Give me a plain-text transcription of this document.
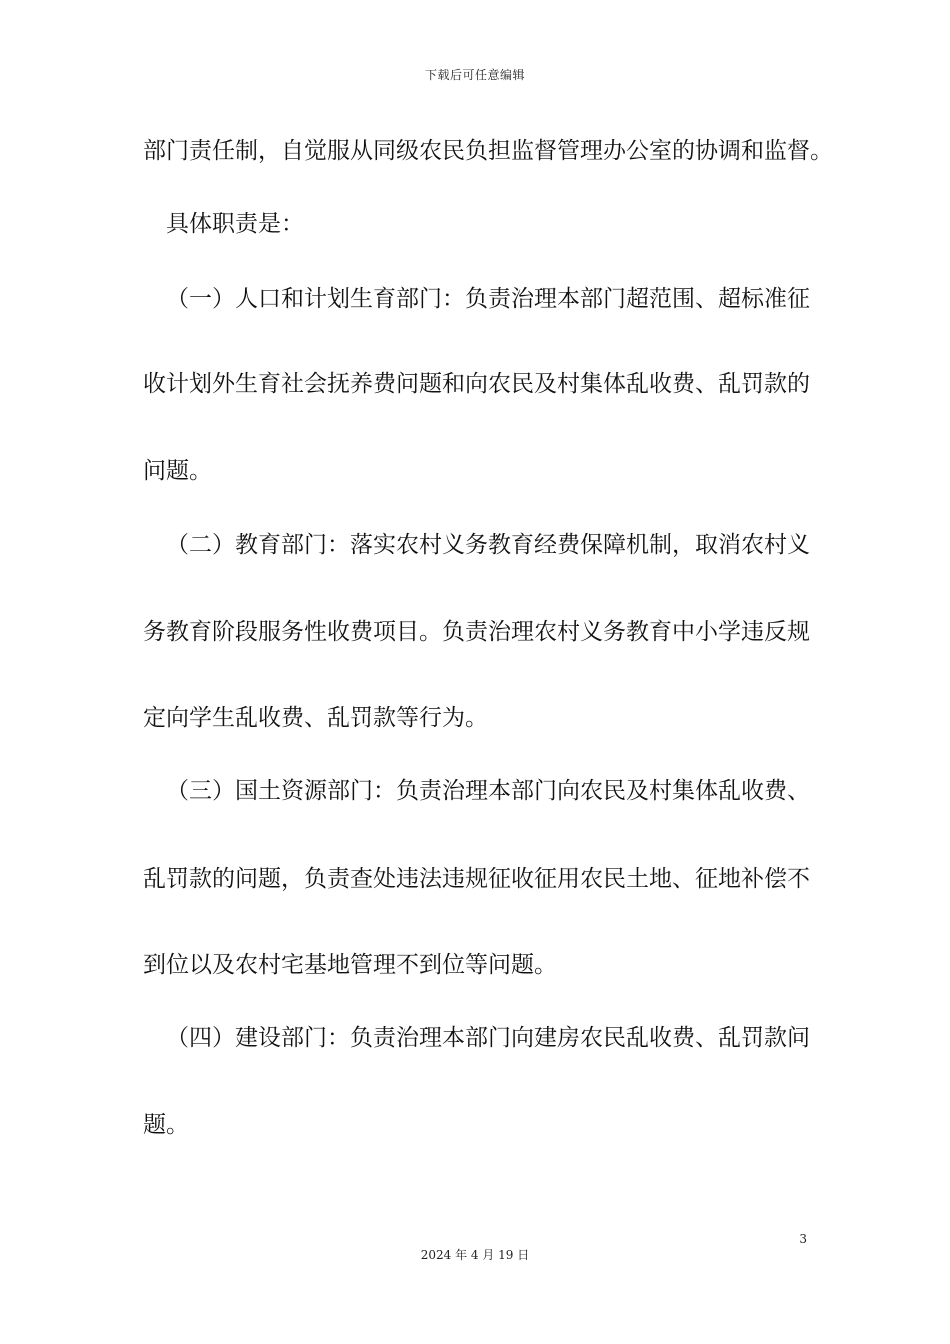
下载后可任意编辑
部门责任制，自觉服从同级农民负担监督管理办公室的协调和监督。
具体职责是：
（一）人口和计划生育部门：负责治理本部门超范围、超标准征
收计划外生育社会抚养费问题和向农民及村集体乱收费、乱罚款的
问题。
（二）教育部门：落实农村义务教育经费保障机制，取消农村义
务教育阶段服务性收费项目。负责治理农村义务教育中小学违反规
定向学生乱收费、乱罚款等行为。
（三）国土资源部门：负责治理本部门向农民及村集体乱收费、
乱罚款的问题，负责查处违法违规征收征用农民土地、征地补偿不
到位以及农村宅基地管理不到位等问题。
（四）建设部门：负责治理本部门向建房农民乱收费、乱罚款问
题。
3
2024 年 4 月 19 日
